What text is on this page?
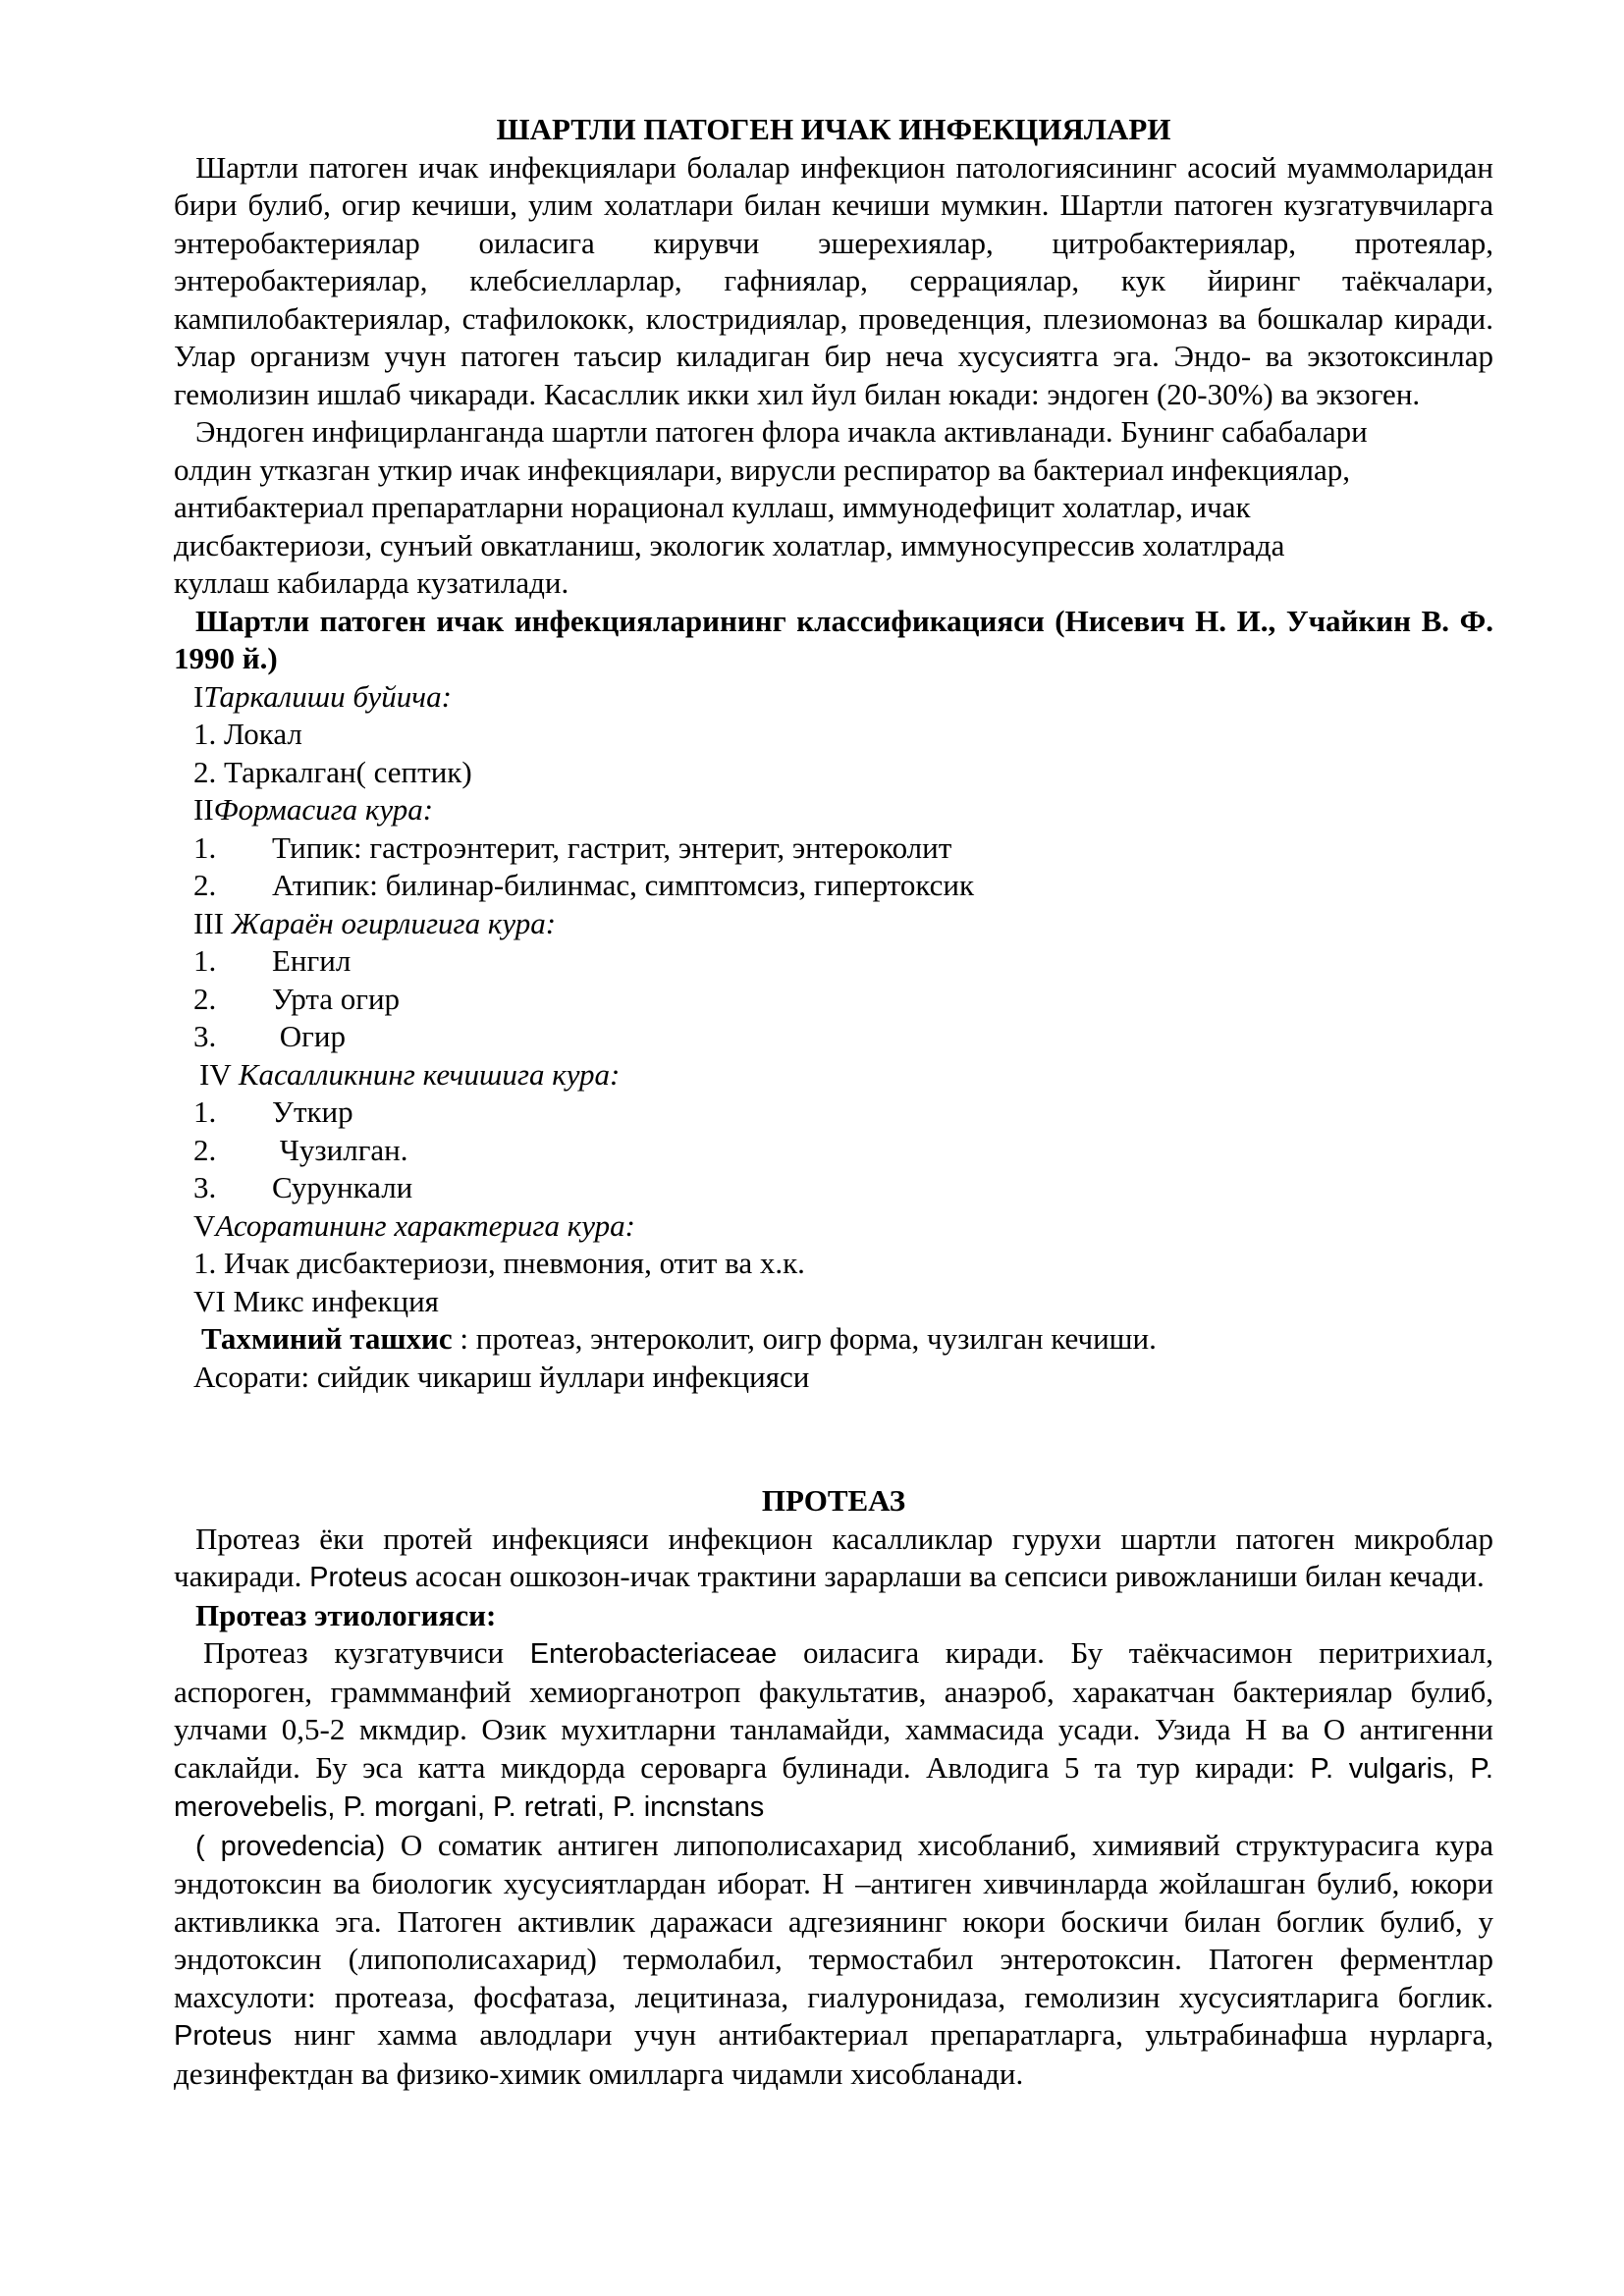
ШАРТЛИ ПАТОГЕН ИЧАК ИНФЕКЦИЯЛАРИ

Шартли патоген ичак инфекциялари болалар инфекцион патологиясининг асосий муаммоларидан бири булиб, огир кечиши, улим холатлари билан кечиши мумкин. Шартли патоген кузгатувчиларга энтеробактериялар оиласига кирувчи эшерехиялар, цитробактериялар, протеялар, энтеробактериялар, клебсиелларлар, гафниялар, серрациялар, кук йиринг таёкчалари, кампилобактериялар, стафилококк, клостридиялар, проведенция, плезиомоназ ва бошкалар киради. Улар организм учун патоген таъсир киладиган бир неча хусусиятга эга. Эндо- ва экзотоксинлар гемолизин ишлаб чикаради. Касасллик икки хил йул билан юкади: эндоген (20-30%) ва экзоген.

Эндоген инфицирланганда шартли патоген флора ичакла активланади. Бунинг сабабалари

олдин утказган уткир ичак инфекциялари, вирусли респиратор ва бактериал инфекциялар,

антибактериал препаратларни норационал куллаш, иммунодефицит холатлар, ичак

дисбактериози, сунъий овкатланиш, экологик холатлар, иммуносупрессив холатлрада

куллаш кабиларда кузатилади.

Шартли патоген ичак инфекцияларининг классификацияси (Нисевич Н. И., Учайкин В. Ф. 1990 й.)

IТаркалиши буйича:

1. Локал

2. Таркалган( септик)

IIФормасига кура:

1. Типик: гастроэнтерит, гастрит, энтерит, энтероколит
2. Атипик: билинар-билинмас, симптомсиз, гипертоксик

III Жараён огирлигига кура:

1. Енгил
2. Урта огир
3. Огир

IV Касалликнинг кечишига кура:

1. Уткир
2. Чузилган.
3. Сурункали

VАсоратининг характерига кура:

1. Ичак дисбактериози, пневмония, отит ва х.к.

VI Микс инфекция

Тахминий ташхис : протеаз, энтероколит, оигр форма, чузилган кечиши.

Асорати: сийдик чикариш йуллари инфекцияси

ПРОТЕАЗ

Протеаз ёки протей инфекцияси инфекцион касалликлар гурухи шартли патоген микроблар чакиради. Proteus асосан ошкозон-ичак трактини зарарлаши ва сепсиси ривожланиши билан кечади.

Протеаз этиологияси:

Протеаз кузгатувчиси Enterobacteriaceae оиласига киради. Бу таёкчасимон перитрихиал, аспороген, граммманфий хемиорганотроп факультатив, анаэроб, харакатчан бактериялар булиб, улчами 0,5-2 мкмдир. Озик мухитларни танламайди, хаммасида усади. Узида Н ва О антигенни саклайди. Бу эса катта микдорда сероварга булинади. Авлодига 5 та тур киради: P. vulgaris, P. merovebelis, P. morgani, P. retrati, P. incnstans

( provedencia) О соматик антиген липополисахарид хисобланиб, химиявий структурасига кура эндотоксин ва биологик хусусиятлардан иборат. Н –антиген хивчинларда жойлашган булиб, юкори активликка эга. Патоген активлик даражаси адгезиянинг юкори боскичи билан боглик булиб, у эндотоксин (липополисахарид) термолабил, термостабил энтеротоксин. Патоген ферментлар махсулоти: протеаза, фосфатаза, лецитиназа, гиалуронидаза, гемолизин хусусиятларига боглик. Proteus нинг хамма авлодлари учун антибактериал препаратларга, ультрабинафша нурларга, дезинфектдан ва физико-химик омилларга чидамли хисобланади.
